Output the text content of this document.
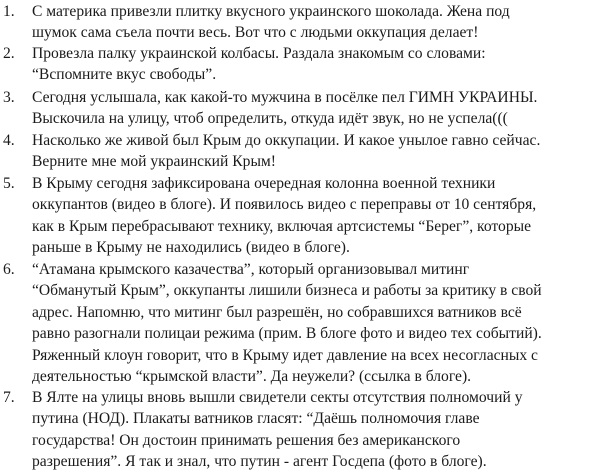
1.	С материка привезли плитку вкусного украинского шоколада. Жена под
шумок сама съела почти весь. Вот что с людьми оккупация делает!
2.	Провезла палку украинской колбасы. Раздала знакомым со словами:
“Вспомните вкус свободы”.
3.	Сегодня услышала, как какой-то мужчина в посёлке пел ГИМН УКРАИНЫ.
Выскочила на улицу, чтоб определить, откуда идёт звук, но не успела(((
4.	Насколько же живой был Крым до оккупации. И какое унылое гавно сейчас.
Верните мне мой украинский Крым!
5.	В Крыму сегодня зафиксирована очередная колонна военной техники
оккупантов (видео в блоге). И появилось видео с переправы от 10 сентября,
как в Крым перебрасывают технику, включая артсистемы “Берег”, которые
раньше в Крыму не находились (видео в блоге).
6.	“Атамана крымского казачества”, который организовывал митинг
“Обманутый Крым”, оккупанты лишили бизнеса и работы за критику в свой
адрес. Напомню, что митинг был разрешён, но собравшихся ватников всё
равно разогнали полицаи режима (прим. В блоге фото и видео тех событий).
Ряженный клоун говорит, что в Крыму идет давление на всех несогласных с
деятельностью “крымской власти”. Да неужели? (ссылка в блоге).
7.	В Ялте на улицы вновь вышли свидетели секты отсутствия полномочий у
путина (НОД). Плакаты ватников гласят: “Даёшь полномочия главе
государства! Он достоин принимать решения без американского
разрешения”. Я так и знал, что путин - агент Госдепа (фото в блоге).
